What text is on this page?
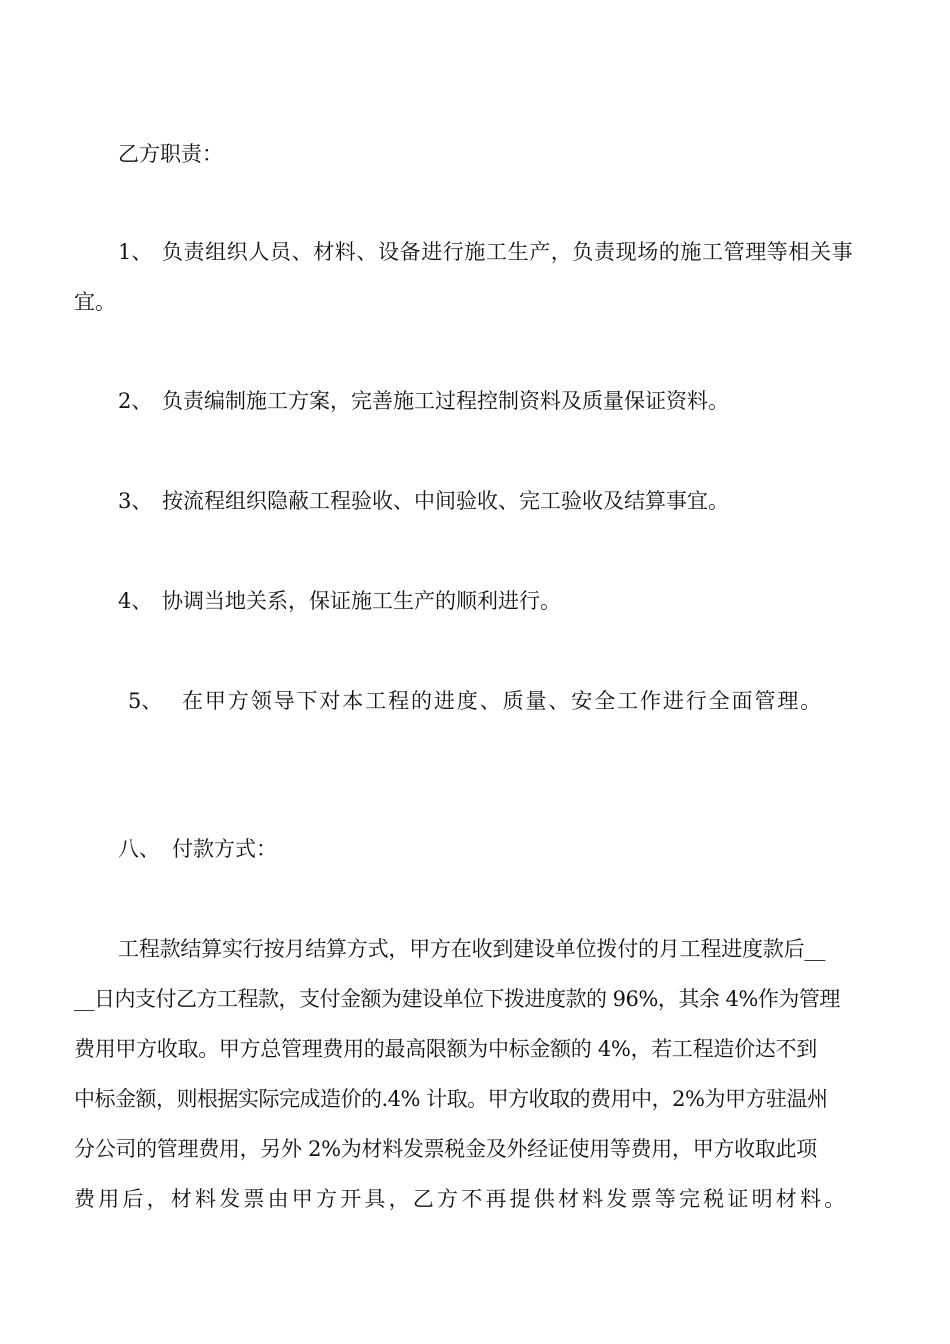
乙方职责：
1、 负责组织人员、材料、设备进行施工生产，负责现场的施工管理等相关事
宜。
2、 负责编制施工方案，完善施工过程控制资料及质量保证资料。
3、 按流程组织隐蔽工程验收、中间验收、完工验收及结算事宜。
4、 协调当地关系，保证施工生产的顺利进行。
5、 在甲方领导下对本工程的进度、质量、安全工作进行全面管理。
八、 付款方式：
工程款结算实行按月结算方式，甲方在收到建设单位拨付的月工程进度款后__
__日内支付乙方工程款，支付金额为建设单位下拨进度款的 96%，其余 4%作为管理
费用甲方收取。甲方总管理费用的最高限额为中标金额的 4%，若工程造价达不到
中标金额，则根据实际完成造价的.4% 计取。甲方收取的费用中，2%为甲方驻温州
分公司的管理费用，另外 2%为材料发票税金及外经证使用等费用，甲方收取此项
费用后，材料发票由甲方开具，乙方不再提供材料发票等完税证明材料。
